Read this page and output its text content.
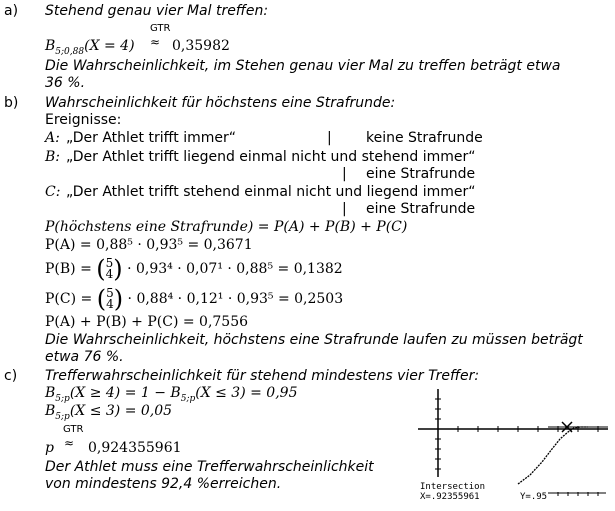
a) Stehend genau vier Mal treffen:
GTR
≈
$B_{5;0,88}(X = 4)$	0,35982
Die Wahrscheinlichkeit, im Stehen genau vier Mal zu treffen beträgt etwa
36 %.
b) Wahrscheinlichkeit für höchstens eine Strafrunde:
Ereignisse:
A: „Der Athlet trifft immer“	| keine Strafrunde
B: „Der Athlet trifft liegend einmal nicht und stehend immer“
| eine Strafrunde
C: „Der Athlet trifft stehend einmal nicht und liegend immer“
| eine Strafrunde
P(höchstens eine Strafrunde) = P(A) + P(B) + P(C)
P(A) = 0,88⁵ · 0,93⁵ = 0,3671
P(B) = (5
4) · 0,93⁴ · 0,07¹ · 0,88⁵ = 0,1382
P(C) = (5
4) · 0,88⁴ · 0,12¹ · 0,93⁵ = 0,2503
P(A) + P(B) + P(C) = 0,7556
Die Wahrscheinlichkeit, höchstens eine Strafrunde laufen zu müssen beträgt
etwa 76 %.
c) Trefferwahrscheinlichkeit für stehend mindestens vier Treffer:
$B_{5;p}(X \ge 4) = 1 - B_{5;p}(X \le 3) = 0,95$
$B_{5;p}(X \le 3) = 0,05$
GTR
≈
p 0,924355961
Der Athlet muss eine Trefferwahrscheinlichkeit
von mindestens 92,4 %erreichen.	Intersection
X=.92355961	Y=.95
